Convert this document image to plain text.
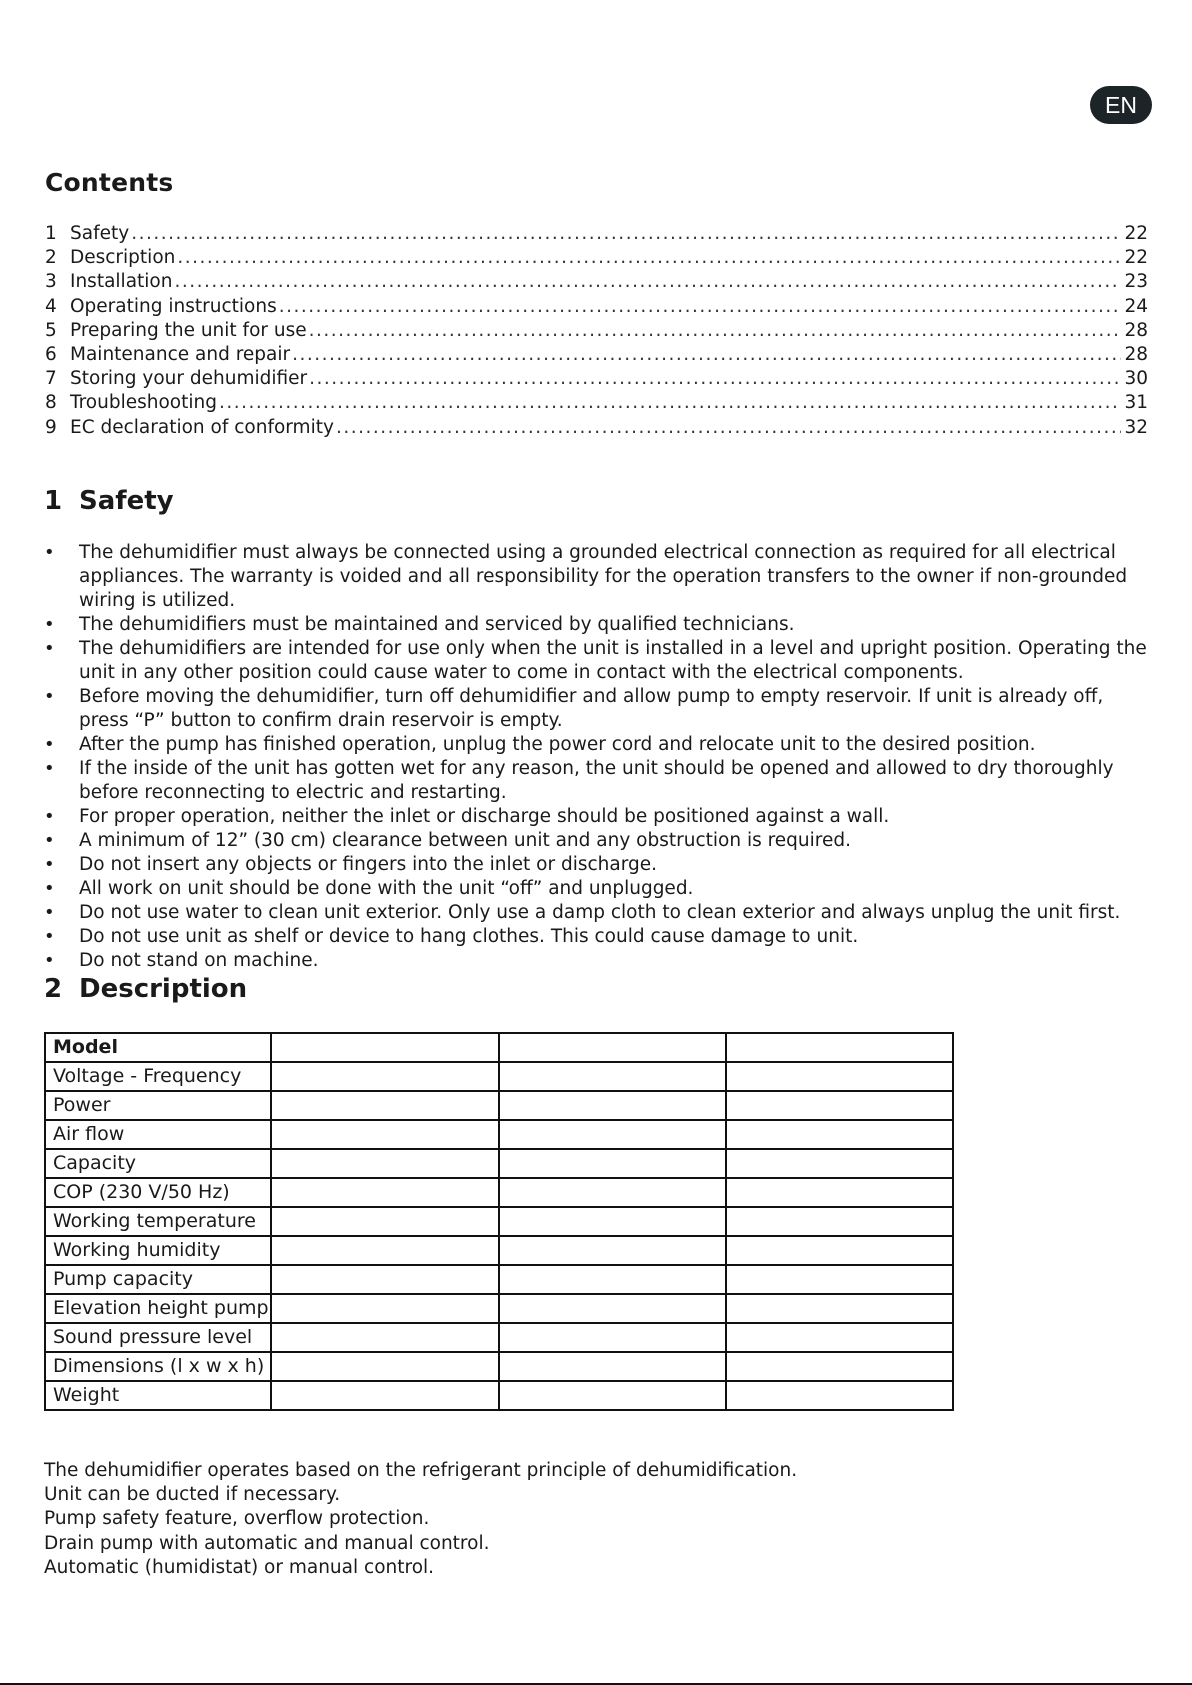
EN
Contents
1 Safety .....	22
2 Description .....	22
3 Installation .....	23
4 Operating instructions .....	24
5 Preparing the unit for use .....	28
6 Maintenance and repair .....	28
7 Storing your dehumidifier .....	30
8 Troubleshooting .....	31
9 EC declaration of conformity .....	32
1 Safety
•	The dehumidifier must always be connected using a grounded electrical connection as required for all electrical appliances. The warranty is voided and all responsibility for the operation transfers to the owner if non-grounded wiring is utilized.
•	The dehumidifiers must be maintained and serviced by qualified technicians.
•	The dehumidifiers are intended for use only when the unit is installed in a level and upright position. Operating the unit in any other position could cause water to come in contact with the electrical components.
•	Before moving the dehumidifier, turn off dehumidifier and allow pump to empty reservoir. If unit is already off, press “P” button to confirm drain reservoir is empty.
•	After the pump has finished operation, unplug the power cord and relocate unit to the desired position.
•	If the inside of the unit has gotten wet for any reason, the unit should be opened and allowed to dry thoroughly before reconnecting to electric and restarting.
•	For proper operation, neither the inlet or discharge should be positioned against a wall.
•	A minimum of 12” (30 cm) clearance between unit and any obstruction is required.
•	Do not insert any objects or fingers into the inlet or discharge.
•	All work on unit should be done with the unit “off” and unplugged.
•	Do not use water to clean unit exterior. Only use a damp cloth to clean exterior and always unplug the unit first.
•	Do not use unit as shelf or device to hang clothes. This could cause damage to unit.
•	Do not stand on machine.
2 Description
Model			
Voltage - Frequency			
Power			
Air flow			
Capacity			
COP (230 V/50 Hz)			
Working temperature			
Working humidity			
Pump capacity			
Elevation height pump			
Sound pressure level			
Dimensions (l x w x h)			
Weight			
The dehumidifier operates based on the refrigerant principle of dehumidification.
Unit can be ducted if necessary.
Pump safety feature, overflow protection.
Drain pump with automatic and manual control.
Automatic (humidistat) or manual control.
